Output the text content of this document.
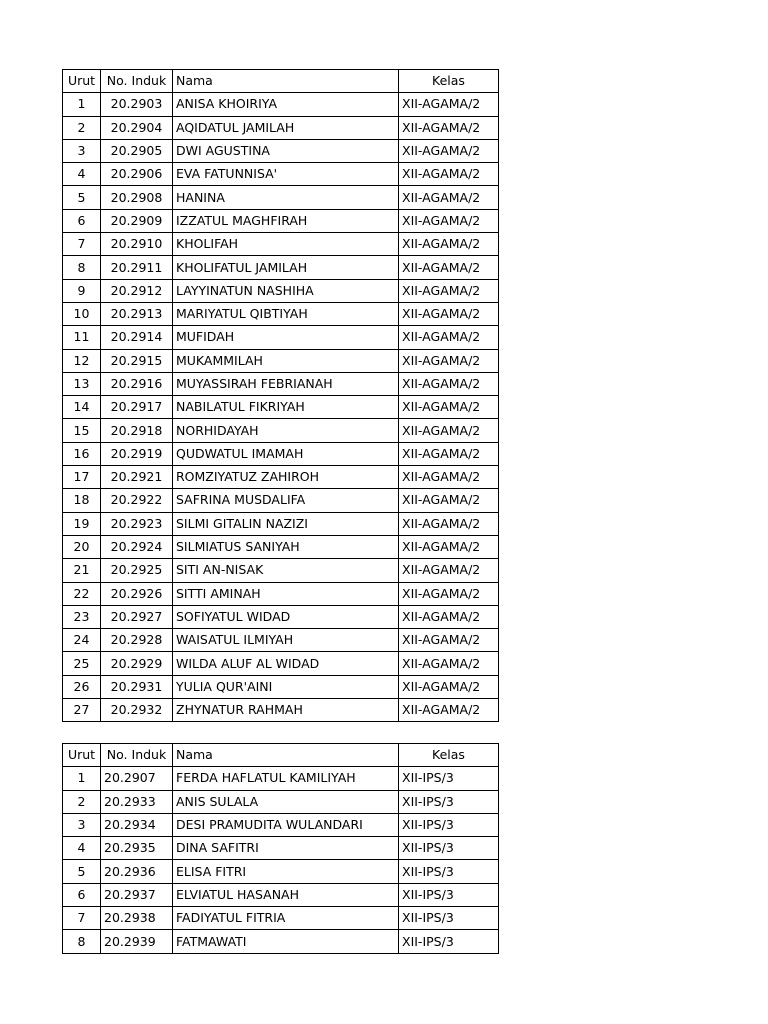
Urut	No. Induk	Nama	Kelas
1	20.2903	ANISA KHOIRIYA	XII-AGAMA/2
2	20.2904	AQIDATUL JAMILAH	XII-AGAMA/2
3	20.2905	DWI AGUSTINA	XII-AGAMA/2
4	20.2906	EVA FATUNNISA'	XII-AGAMA/2
5	20.2908	HANINA	XII-AGAMA/2
6	20.2909	IZZATUL MAGHFIRAH	XII-AGAMA/2
7	20.2910	KHOLIFAH	XII-AGAMA/2
8	20.2911	KHOLIFATUL JAMILAH	XII-AGAMA/2
9	20.2912	LAYYINATUN NASHIHA	XII-AGAMA/2
10	20.2913	MARIYATUL QIBTIYAH	XII-AGAMA/2
11	20.2914	MUFIDAH	XII-AGAMA/2
12	20.2915	MUKAMMILAH	XII-AGAMA/2
13	20.2916	MUYASSIRAH FEBRIANAH	XII-AGAMA/2
14	20.2917	NABILATUL FIKRIYAH	XII-AGAMA/2
15	20.2918	NORHIDAYAH	XII-AGAMA/2
16	20.2919	QUDWATUL IMAMAH	XII-AGAMA/2
17	20.2921	ROMZIYATUZ ZAHIROH	XII-AGAMA/2
18	20.2922	SAFRINA MUSDALIFA	XII-AGAMA/2
19	20.2923	SILMI GITALIN NAZIZI	XII-AGAMA/2
20	20.2924	SILMIATUS SANIYAH	XII-AGAMA/2
21	20.2925	SITI AN-NISAK	XII-AGAMA/2
22	20.2926	SITTI AMINAH	XII-AGAMA/2
23	20.2927	SOFIYATUL WIDAD	XII-AGAMA/2
24	20.2928	WAISATUL ILMIYAH	XII-AGAMA/2
25	20.2929	WILDA ALUF AL WIDAD	XII-AGAMA/2
26	20.2931	YULIA QUR'AINI	XII-AGAMA/2
27	20.2932	ZHYNATUR RAHMAH	XII-AGAMA/2
Urut	No. Induk	Nama	Kelas
1	20.2907	FERDA HAFLATUL KAMILIYAH	XII-IPS/3
2	20.2933	ANIS SULALA	XII-IPS/3
3	20.2934	DESI PRAMUDITA WULANDARI	XII-IPS/3
4	20.2935	DINA SAFITRI	XII-IPS/3
5	20.2936	ELISA FITRI	XII-IPS/3
6	20.2937	ELVIATUL HASANAH	XII-IPS/3
7	20.2938	FADIYATUL FITRIA	XII-IPS/3
8	20.2939	FATMAWATI	XII-IPS/3
